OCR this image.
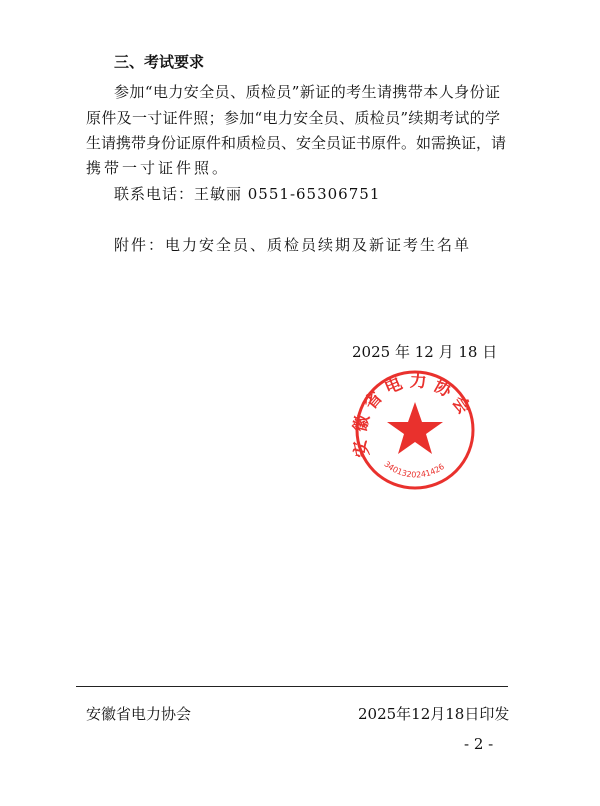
三、考试要求
参加“电力安全员、质检员”新证的考生请携带本人身份证
原件及一寸证件照；参加“电力安全员、质检员”续期考试的学
生请携带身份证原件和质检员、安全员证书原件。如需换证，请
携带一寸证件照。
联系电话：王敏丽 0551-65306751
附件：电力安全员、质检员续期及新证考生名单
2025 年 12 月 18 日
安 徽 省 电 力 协 会
3401320241426
安徽省电力协会	2025年12月18日印发
- 2 -
